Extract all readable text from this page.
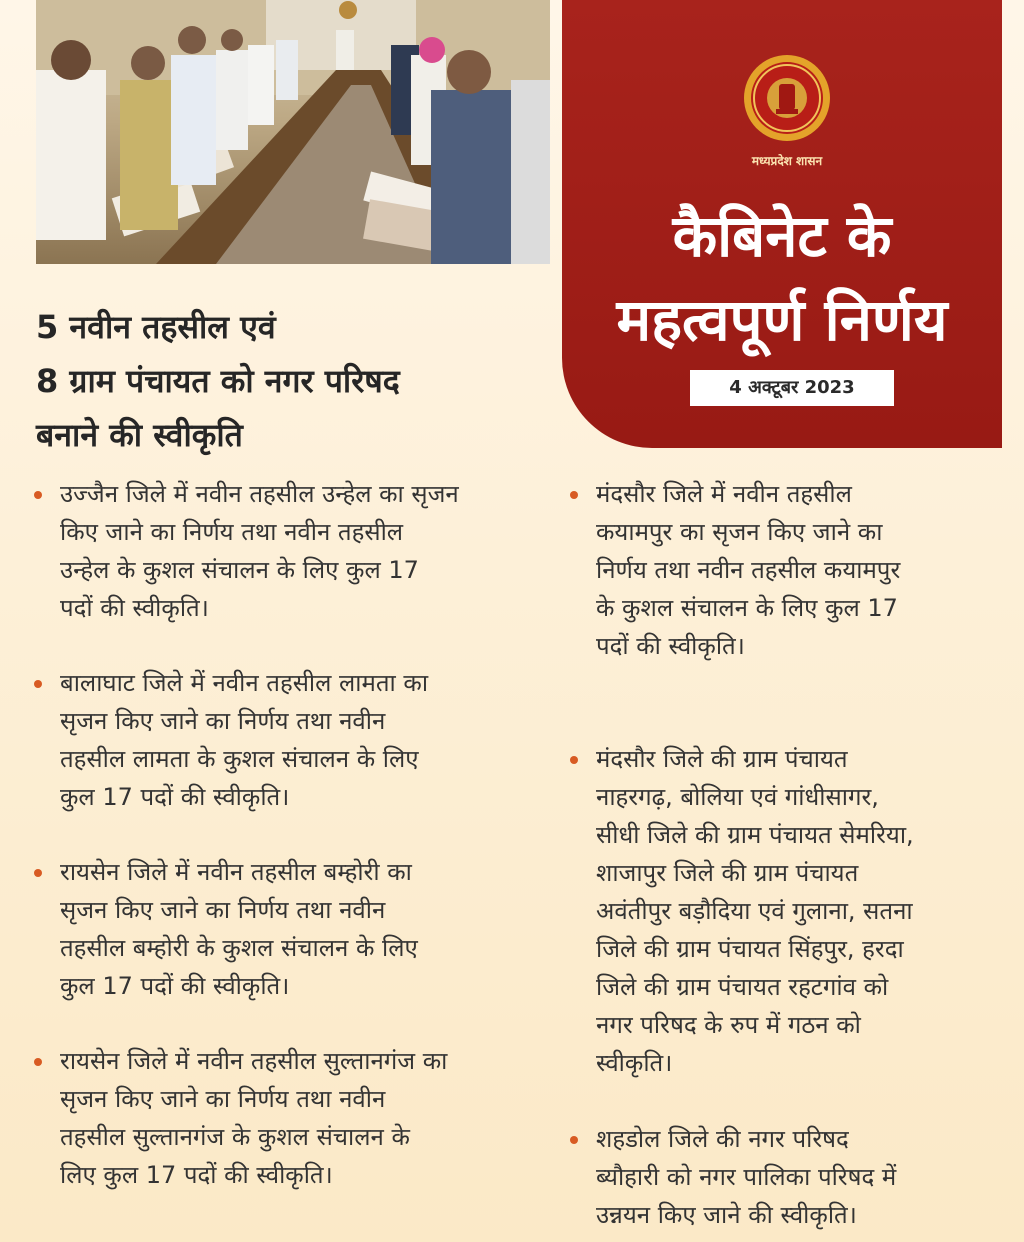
मध्यप्रदेश शासन
कैबिनेट के
महत्वपूर्ण निर्णय
4 अक्टूबर 2023
5 नवीन तहसील एवं
8 ग्राम पंचायत को नगर परिषद
बनाने की स्वीकृति
उज्जैन जिले में नवीन तहसील उन्हेल का सृजन
किए जाने का निर्णय तथा नवीन तहसील
उन्हेल के कुशल संचालन के लिए कुल 17
पदों की स्वीकृति।
बालाघाट जिले में नवीन तहसील लामता का
सृजन किए जाने का निर्णय तथा नवीन
तहसील लामता के कुशल संचालन के लिए
कुल 17 पदों की स्वीकृति।
रायसेन जिले में नवीन तहसील बम्होरी का
सृजन किए जाने का निर्णय तथा नवीन
तहसील बम्होरी के कुशल संचालन के लिए
कुल 17 पदों की स्वीकृति।
रायसेन जिले में नवीन तहसील सुल्तानगंज का
सृजन किए जाने का निर्णय तथा नवीन
तहसील सुल्तानगंज के कुशल संचालन के
लिए कुल 17 पदों की स्वीकृति।
मंदसौर जिले में नवीन तहसील
कयामपुर का सृजन किए जाने का
निर्णय तथा नवीन तहसील कयामपुर
के कुशल संचालन के लिए कुल 17
पदों की स्वीकृति।
मंदसौर जिले की ग्राम पंचायत
नाहरगढ़, बोलिया एवं गांधीसागर,
सीधी जिले की ग्राम पंचायत सेमरिया,
शाजापुर जिले की ग्राम पंचायत
अवंतीपुर बड़ौदिया एवं गुलाना, सतना
जिले की ग्राम पंचायत सिंहपुर, हरदा
जिले की ग्राम पंचायत रहटगांव को
नगर परिषद के रुप में गठन को
स्वीकृति।
शहडोल जिले की नगर परिषद
ब्यौहारी को नगर पालिका परिषद में
उन्नयन किए जाने की स्वीकृति।
